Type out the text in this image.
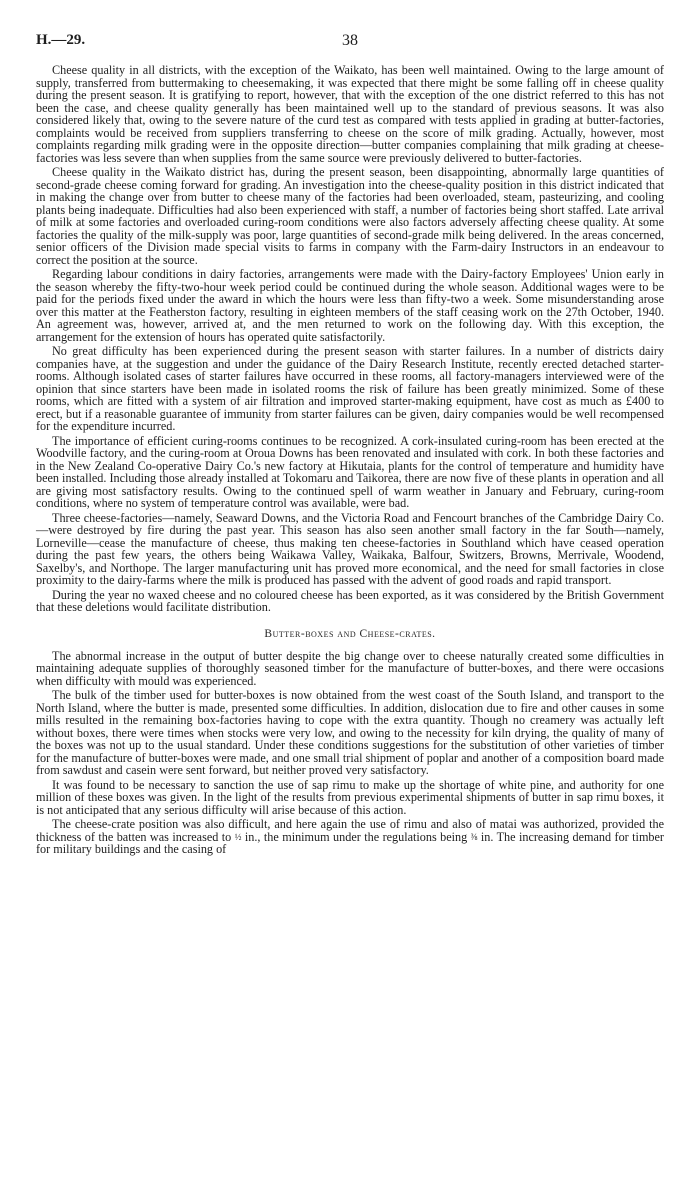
H.—29.	38

Cheese quality in all districts, with the exception of the Waikato, has been well maintained. Owing to the large amount of supply, transferred from buttermaking to cheesemaking, it was expected that there might be some falling off in cheese quality during the present season. It is gratifying to report, however, that with the exception of the one district referred to this has not been the case, and cheese quality generally has been maintained well up to the standard of previous seasons. It was also considered likely that, owing to the severe nature of the curd test as compared with tests applied in grading at butter-factories, complaints would be received from suppliers transferring to cheese on the score of milk grading. Actually, however, most complaints regarding milk grading were in the opposite direction—butter companies complaining that milk grading at cheese-factories was less severe than when supplies from the same source were previously delivered to butter-factories.

Cheese quality in the Waikato district has, during the present season, been disappointing, abnormally large quantities of second-grade cheese coming forward for grading. An investigation into the cheese-quality position in this district indicated that in making the change over from butter to cheese many of the factories had been overloaded, steam, pasteurizing, and cooling plants being inadequate. Difficulties had also been experienced with staff, a number of factories being short staffed. Late arrival of milk at some factories and overloaded curing-room conditions were also factors adversely affecting cheese quality. At some factories the quality of the milk-supply was poor, large quantities of second-grade milk being delivered. In the areas concerned, senior officers of the Division made special visits to farms in company with the Farm-dairy Instructors in an endeavour to correct the position at the source.

Regarding labour conditions in dairy factories, arrangements were made with the Dairy-factory Employees' Union early in the season whereby the fifty-two-hour week period could be continued during the whole season. Additional wages were to be paid for the periods fixed under the award in which the hours were less than fifty-two a week. Some misunderstanding arose over this matter at the Featherston factory, resulting in eighteen members of the staff ceasing work on the 27th October, 1940. An agreement was, however, arrived at, and the men returned to work on the following day. With this exception, the arrangement for the extension of hours has operated quite satisfactorily.

No great difficulty has been experienced during the present season with starter failures. In a number of districts dairy companies have, at the suggestion and under the guidance of the Dairy Research Institute, recently erected detached starter-rooms. Although isolated cases of starter failures have occurred in these rooms, all factory-managers interviewed were of the opinion that since starters have been made in isolated rooms the risk of failure has been greatly minimized. Some of these rooms, which are fitted with a system of air filtration and improved starter-making equipment, have cost as much as £400 to erect, but if a reasonable guarantee of immunity from starter failures can be given, dairy companies would be well recompensed for the expenditure incurred.

The importance of efficient curing-rooms continues to be recognized. A cork-insulated curing-room has been erected at the Woodville factory, and the curing-room at Oroua Downs has been renovated and insulated with cork. In both these factories and in the New Zealand Co-operative Dairy Co.'s new factory at Hikutaia, plants for the control of temperature and humidity have been installed. Including those already installed at Tokomaru and Taikorea, there are now five of these plants in operation and all are giving most satisfactory results. Owing to the continued spell of warm weather in January and February, curing-room conditions, where no system of temperature control was available, were bad.

Three cheese-factories—namely, Seaward Downs, and the Victoria Road and Fencourt branches of the Cambridge Dairy Co.—were destroyed by fire during the past year. This season has also seen another small factory in the far South—namely, Lorneville—cease the manufacture of cheese, thus making ten cheese-factories in Southland which have ceased operation during the past few years, the others being Waikawa Valley, Waikaka, Balfour, Switzers, Browns, Merrivale, Woodend, Saxelby's, and Northope. The larger manufacturing unit has proved more economical, and the need for small factories in close proximity to the dairy-farms where the milk is produced has passed with the advent of good roads and rapid transport.

During the year no waxed cheese and no coloured cheese has been exported, as it was considered by the British Government that these deletions would facilitate distribution.

Butter-boxes and Cheese-crates.

The abnormal increase in the output of butter despite the big change over to cheese naturally created some difficulties in maintaining adequate supplies of thoroughly seasoned timber for the manufacture of butter-boxes, and there were occasions when difficulty with mould was experienced.

The bulk of the timber used for butter-boxes is now obtained from the west coast of the South Island, and transport to the North Island, where the butter is made, presented some difficulties. In addition, dislocation due to fire and other causes in some mills resulted in the remaining box-factories having to cope with the extra quantity. Though no creamery was actually left without boxes, there were times when stocks were very low, and owing to the necessity for kiln drying, the quality of many of the boxes was not up to the usual standard. Under these conditions suggestions for the substitution of other varieties of timber for the manufacture of butter-boxes were made, and one small trial shipment of poplar and another of a composition board made from sawdust and casein were sent forward, but neither proved very satisfactory.

It was found to be necessary to sanction the use of sap rimu to make up the shortage of white pine, and authority for one million of these boxes was given. In the light of the results from previous experimental shipments of butter in sap rimu boxes, it is not anticipated that any serious difficulty will arise because of this action.

The cheese-crate position was also difficult, and here again the use of rimu and also of matai was authorized, provided the thickness of the batten was increased to ½ in., the minimum under the regulations being ⅜ in. The increasing demand for timber for military buildings and the casing of
